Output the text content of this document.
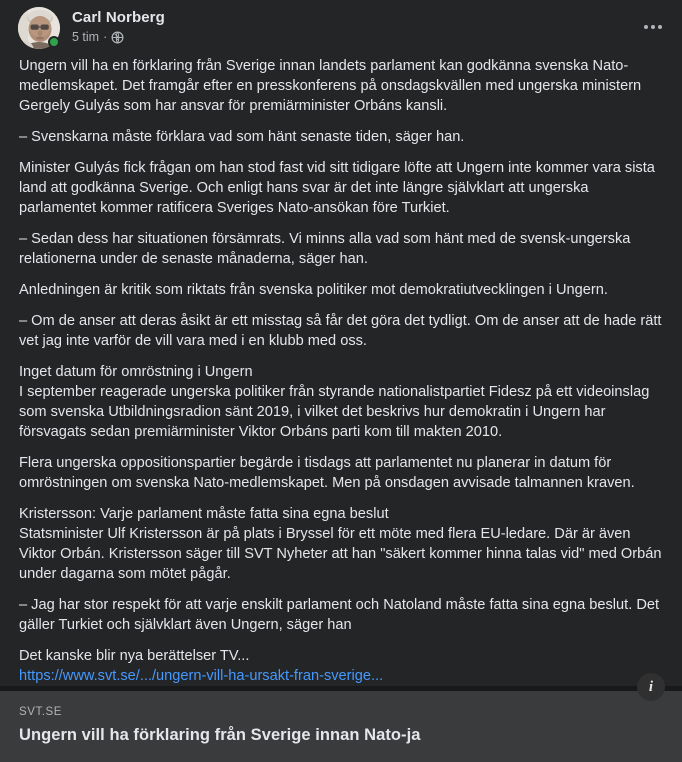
Carl Norberg
5 tim ·

Ungern vill ha en förklaring från Sverige innan landets parlament kan godkänna svenska Nato-medlemskapet. Det framgår efter en presskonferens på onsdagskvällen med ungerska ministern Gergely Gulyás som har ansvar för premiärminister Orbáns kansli.

– Svenskarna måste förklara vad som hänt senaste tiden, säger han.

Minister Gulyás fick frågan om han stod fast vid sitt tidigare löfte att Ungern inte kommer vara sista land att godkänna Sverige. Och enligt hans svar är det inte längre självklart att ungerska parlamentet kommer ratificera Sveriges Nato-ansökan före Turkiet.

– Sedan dess har situationen försämrats. Vi minns alla vad som hänt med de svensk-ungerska relationerna under de senaste månaderna, säger han.

Anledningen är kritik som riktats från svenska politiker mot demokratiutvecklingen i Ungern.

– Om de anser att deras åsikt är ett misstag så får det göra det tydligt. Om de anser att de hade rätt vet jag inte varför de vill vara med i en klubb med oss.

Inget datum för omröstning i Ungern

I september reagerade ungerska politiker från styrande nationalistpartiet Fidesz på ett videoinslag som svenska Utbildningsradion sänt 2019, i vilket det beskrivs hur demokratin i Ungern har försvagats sedan premiärminister Viktor Orbáns parti kom till makten 2010.

Flera ungerska oppositionspartier begärde i tisdags att parlamentet nu planerar in datum för omröstningen om svenska Nato-medlemskapet. Men på onsdagen avvisade talmannen kraven.

Kristersson: Varje parlament måste fatta sina egna beslut

Statsminister Ulf Kristersson är på plats i Bryssel för ett möte med flera EU-ledare. Där är även Viktor Orbán. Kristersson säger till SVT Nyheter att han "säkert kommer hinna talas vid" med Orbán under dagarna som mötet pågår.

– Jag har stor respekt för att varje enskilt parlament och Natoland måste fatta sina egna beslut. Det gäller Turkiet och självklart även Ungern, säger han

Det kanske blir nya berättelser TV...

https://www.svt.se/.../ungern-vill-ha-ursakt-fran-sverige...

i
SVT.SE
Ungern vill ha förklaring från Sverige innan Nato-ja
